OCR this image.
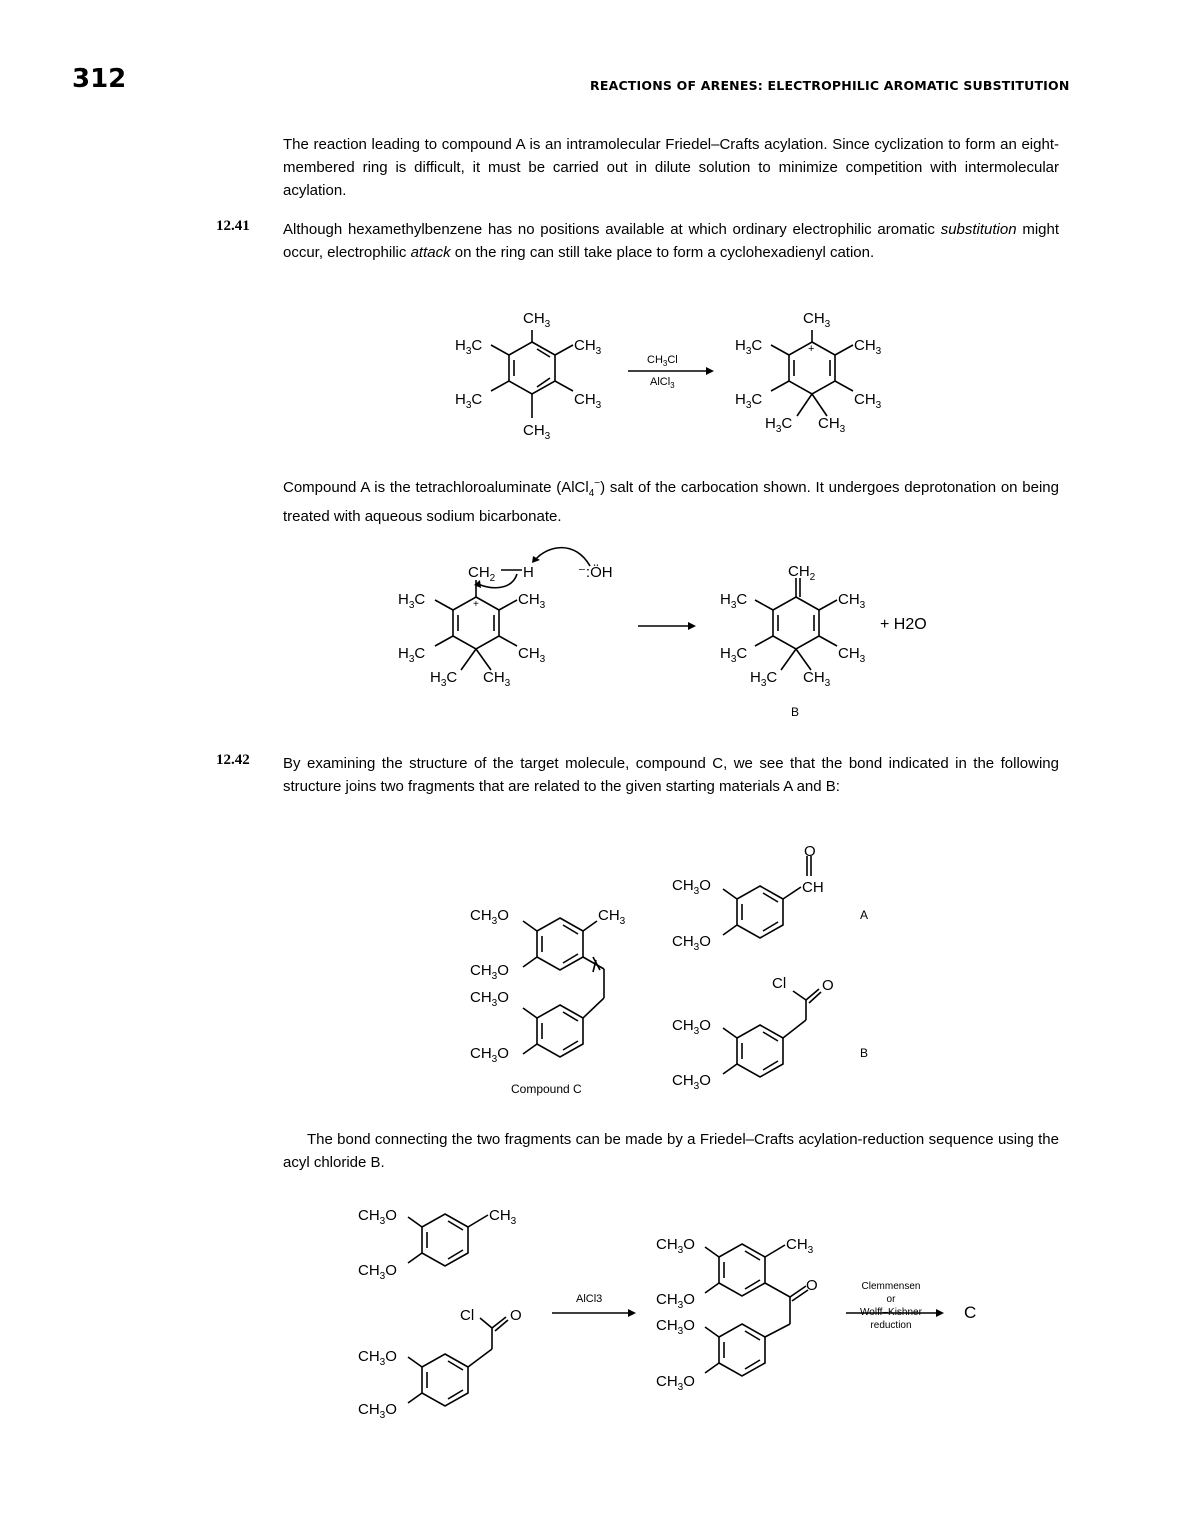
312	REACTIONS OF ARENES: ELECTROPHILIC AROMATIC SUBSTITUTION
The reaction leading to compound A is an intramolecular Friedel–Crafts acylation. Since cyclization to form an eight-membered ring is difficult, it must be carried out in dilute solution to minimize competition with intermolecular acylation.
12.41 Although hexamethylbenzene has no positions available at which ordinary electrophilic aromatic substitution might occur, electrophilic attack on the ring can still take place to form a cyclohexadienyl cation.
Compound A is the tetrachloroaluminate (AlCl$_4$−) salt of the carbocation shown. It undergoes deprotonation on being treated with aqueous sodium bicarbonate.
12.42 By examining the structure of the target molecule, compound C, we see that the bond indicated in the following structure joins two fragments that are related to the given starting materials A and B:
The bond connecting the two fragments can be made by a Friedel–Crafts acylation-reduction sequence using the acyl chloride B.
$CH_3$
$H_3C$	$CH_3$
$H_3C$	$CH_3$
$CH_3$
$CH_3$
$H_3C$	$CH_3$
$H_3C$	$CH_3$
$H_3C$ $CH_3$
+
$CH_3Cl$
AlCl$_3$
$CH_2$ H	⁻:ÖH
$H_3C$	$CH_3$
$H_3C$	$CH_3$
$H_3C$ $CH_3$
$CH_2$
$H_3C$	$CH_3$
$H_3C$	$CH_3$
$H_3C$ $CH_3$
+
+ H2O
B
$CH_3O$	$CH_3$
$CH_3O$
$CH_3O$
$CH_3O$
O
$CH_3O$	CH
$CH_3O$
Cl O
$CH_3O$
$CH_3O$
Compound C
A
B
$CH_3O$	$CH_3$
$CH_3O$
Cl O
$CH_3O$
$CH_3O$
$CH_3O$	$CH_3$
O
$CH_3O$
$CH_3O$
$CH_3O$
AlCl3
Clemmensen
or
Wolff–Kishner
reduction
C
